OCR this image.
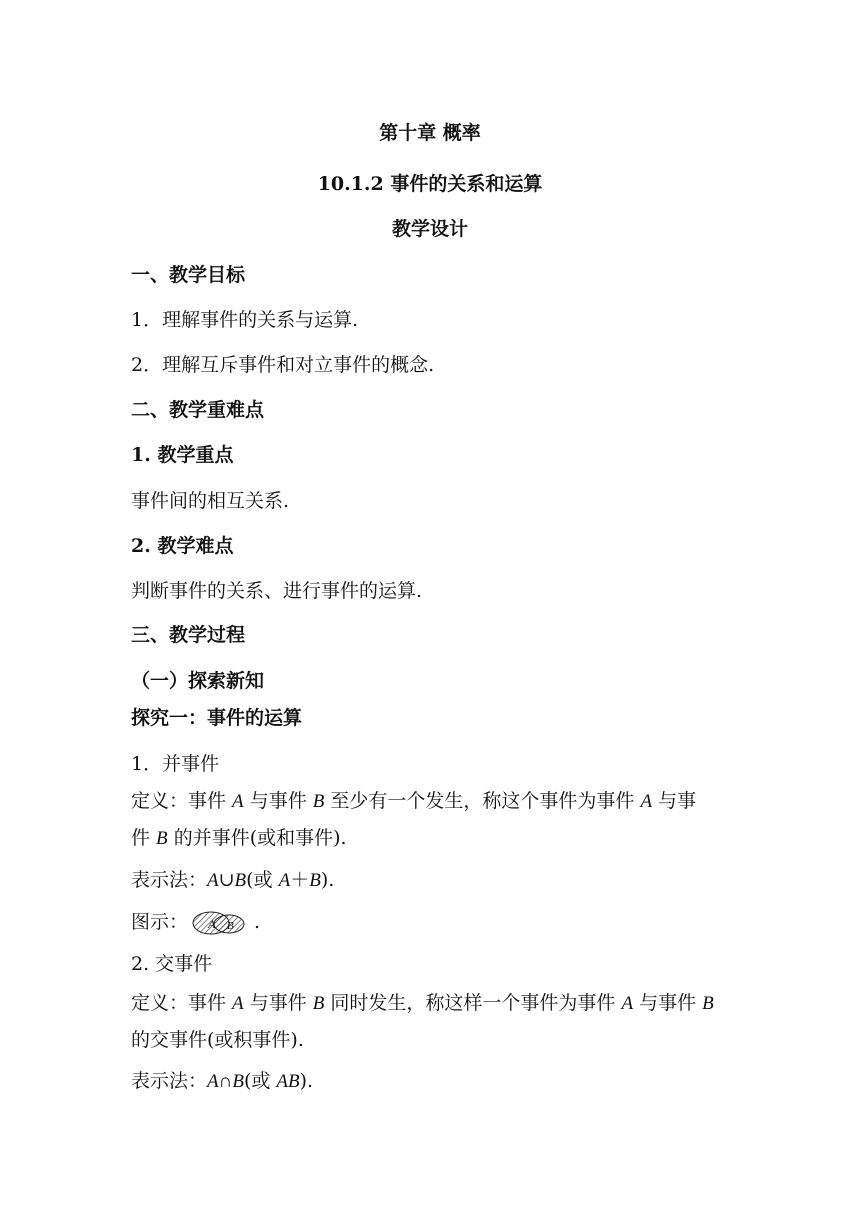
第十章 概率
10.1.2 事件的关系和运算
教学设计
一、教学目标
1．理解事件的关系与运算.
2．理解互斥事件和对立事件的概念.
二、教学重难点
1. 教学重点
事件间的相互关系.
2. 教学难点
判断事件的关系、进行事件的运算.
三、教学过程
（一）探索新知
探究一：事件的运算
1．并事件
定义：事件 A 与事件 B 至少有一个发生，称这个事件为事件 A 与事
件 B 的并事件(或和事件).
表示法：A∪B(或 A＋B).
图示： A B .
2. 交事件
定义：事件 A 与事件 B 同时发生，称这样一个事件为事件 A 与事件 B
的交事件(或积事件).
表示法：A∩B(或 AB).
